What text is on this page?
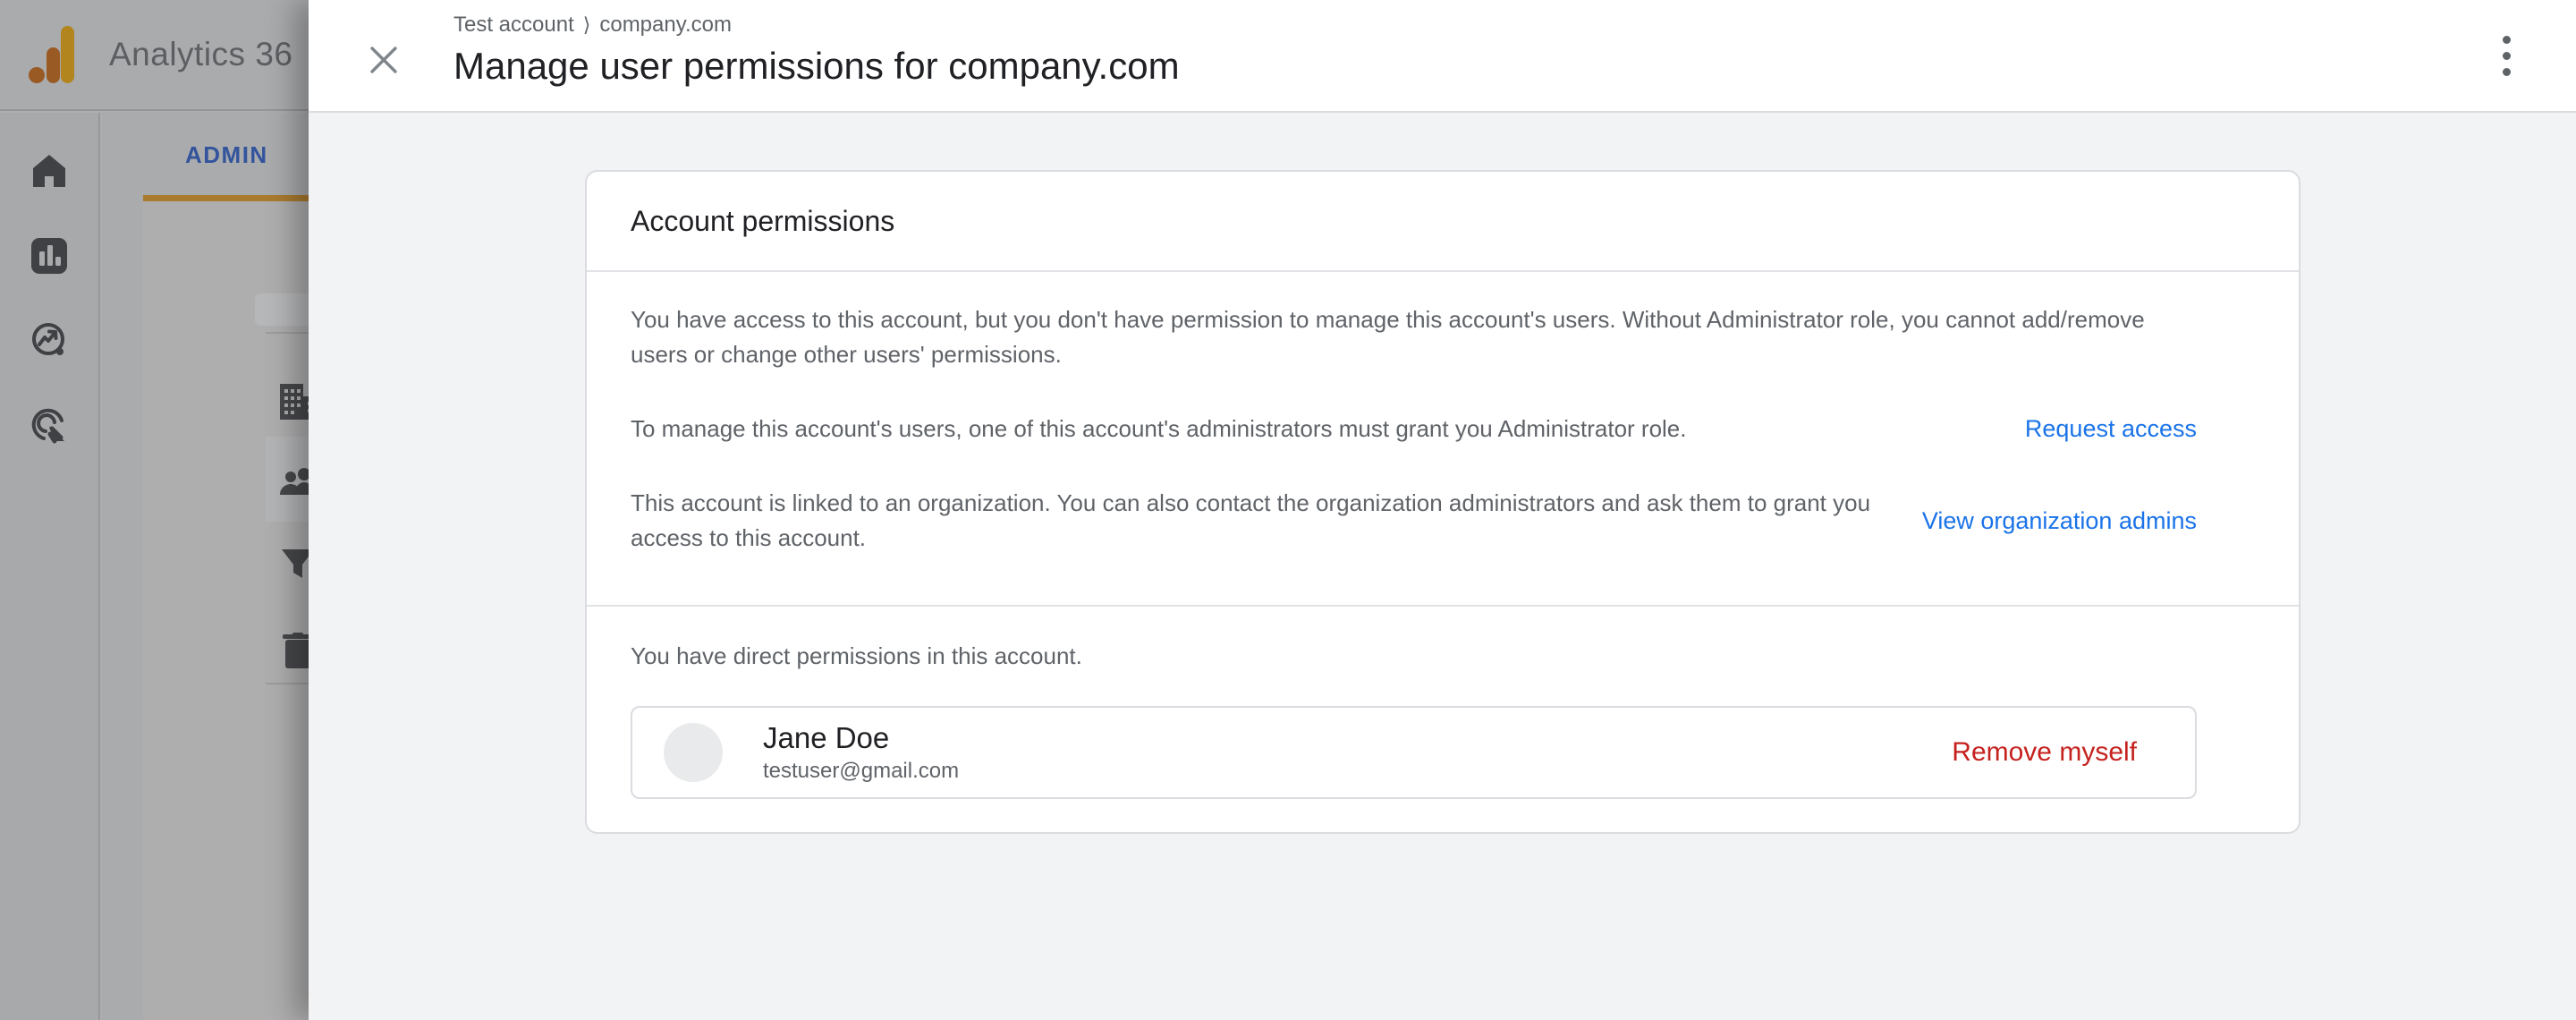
Analytics 36
ADMIN
Test account ⟩ company.com
Manage user permissions for company.com
Account permissions

You have access to this account, but you don't have permission to manage this account's users. Without Administrator role, you cannot add/remove users or change other users' permissions.

To manage this account's users, one of this account's administrators must grant you Administrator role.	Request access

This account is linked to an organization. You can also contact the organization administrators and ask them to grant you access to this account.

View organization admins
You have direct permissions in this account.
Jane Doe
testuser@gmail.com
Remove myself
